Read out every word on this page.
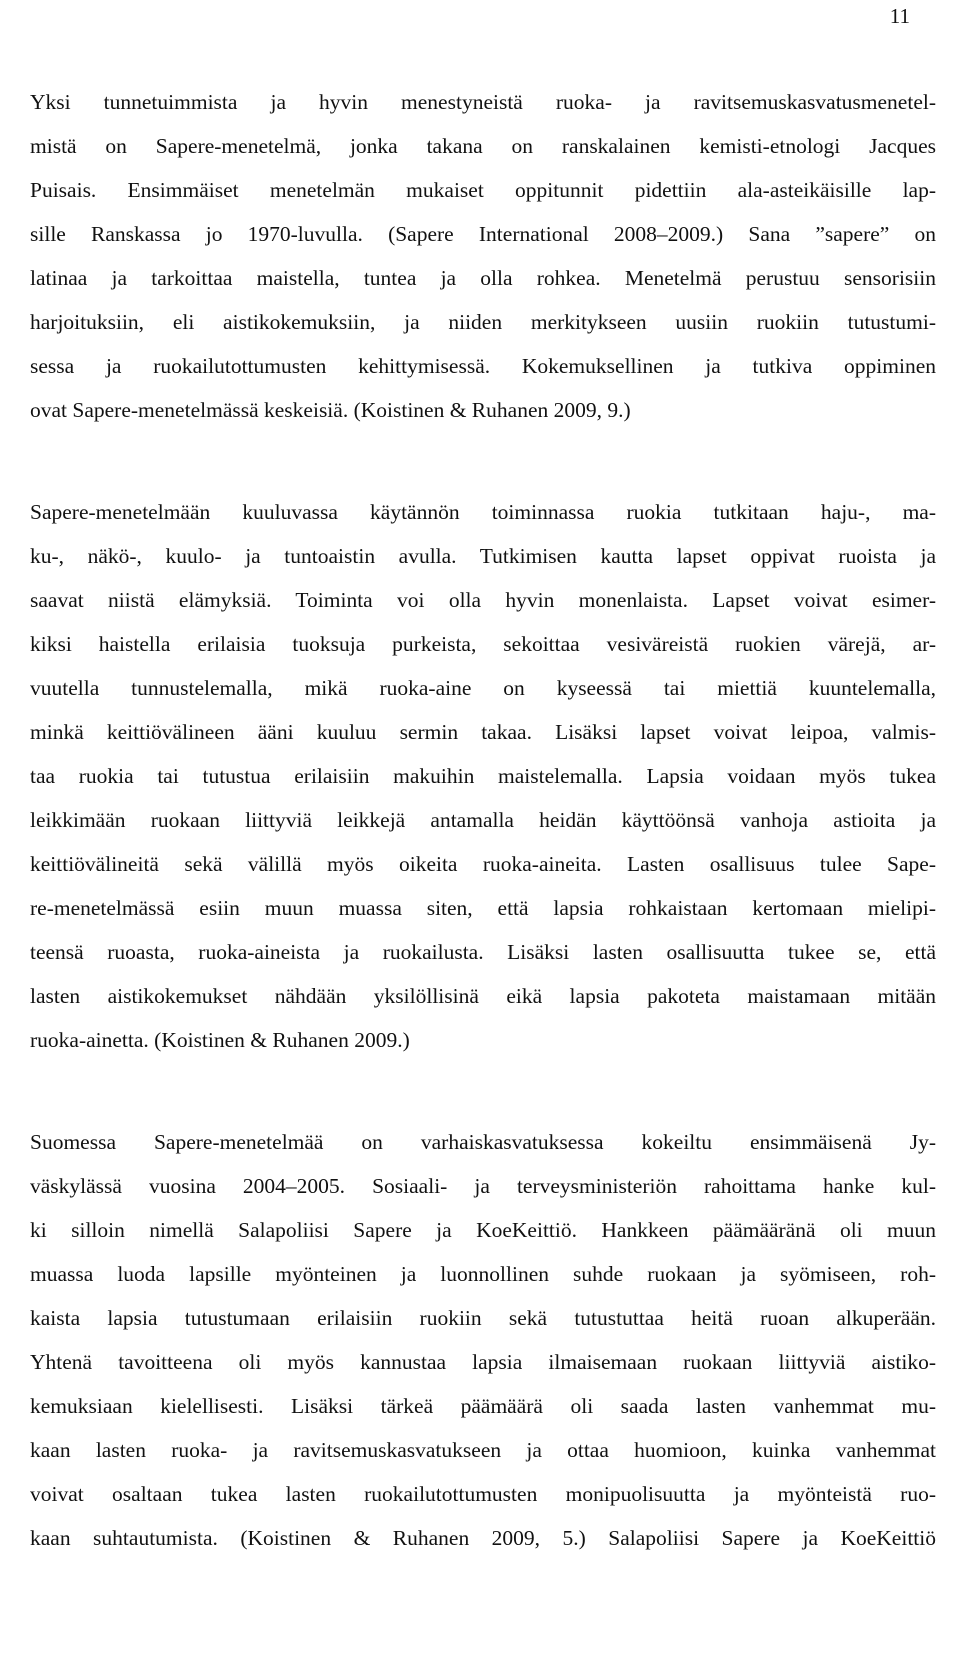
11
Yksi tunnetuimmista ja hyvin menestyneistä ruoka- ja ravitsemuskasvatusmenetel-
mistä on Sapere-menetelmä, jonka takana on ranskalainen kemisti-etnologi Jacques
Puisais. Ensimmäiset menetelmän mukaiset oppitunnit pidettiin ala-asteikäisille lap-
sille Ranskassa jo 1970-luvulla. (Sapere International 2008–2009.) Sana ”sapere” on
latinaa ja tarkoittaa maistella, tuntea ja olla rohkea. Menetelmä perustuu sensorisiin
harjoituksiin, eli aistikokemuksiin, ja niiden merkitykseen uusiin ruokiin tutustumi-
sessa ja ruokailutottumusten kehittymisessä. Kokemuksellinen ja tutkiva oppiminen
ovat Sapere-menetelmässä keskeisiä. (Koistinen & Ruhanen 2009, 9.)
Sapere-menetelmään kuuluvassa käytännön toiminnassa ruokia tutkitaan haju-, ma-
ku-, näkö-, kuulo- ja tuntoaistin avulla. Tutkimisen kautta lapset oppivat ruoista ja
saavat niistä elämyksiä. Toiminta voi olla hyvin monenlaista. Lapset voivat esimer-
kiksi haistella erilaisia tuoksuja purkeista, sekoittaa vesiväreistä ruokien värejä, ar-
vuutella tunnustelemalla, mikä ruoka-aine on kyseessä tai miettiä kuuntelemalla,
minkä keittiövälineen ääni kuuluu sermin takaa. Lisäksi lapset voivat leipoa, valmis-
taa ruokia tai tutustua erilaisiin makuihin maistelemalla. Lapsia voidaan myös tukea
leikkimään ruokaan liittyviä leikkejä antamalla heidän käyttöönsä vanhoja astioita ja
keittiövälineitä sekä välillä myös oikeita ruoka-aineita. Lasten osallisuus tulee Sape-
re-menetelmässä esiin muun muassa siten, että lapsia rohkaistaan kertomaan mielipi-
teensä ruoasta, ruoka-aineista ja ruokailusta. Lisäksi lasten osallisuutta tukee se, että
lasten aistikokemukset nähdään yksilöllisinä eikä lapsia pakoteta maistamaan mitään
ruoka-ainetta. (Koistinen & Ruhanen 2009.)
Suomessa Sapere-menetelmää on varhaiskasvatuksessa kokeiltu ensimmäisenä Jy-
väskylässä vuosina 2004–2005. Sosiaali- ja terveysministeriön rahoittama hanke kul-
ki silloin nimellä Salapoliisi Sapere ja KoeKeittiö. Hankkeen päämääränä oli muun
muassa luoda lapsille myönteinen ja luonnollinen suhde ruokaan ja syömiseen, roh-
kaista lapsia tutustumaan erilaisiin ruokiin sekä tutustuttaa heitä ruoan alkuperään.
Yhtenä tavoitteena oli myös kannustaa lapsia ilmaisemaan ruokaan liittyviä aistiko-
kemuksiaan kielellisesti. Lisäksi tärkeä päämäärä oli saada lasten vanhemmat mu-
kaan lasten ruoka- ja ravitsemuskasvatukseen ja ottaa huomioon, kuinka vanhemmat
voivat osaltaan tukea lasten ruokailutottumusten monipuolisuutta ja myönteistä ruo-
kaan suhtautumista. (Koistinen & Ruhanen 2009, 5.) Salapoliisi Sapere ja KoeKeittiö
